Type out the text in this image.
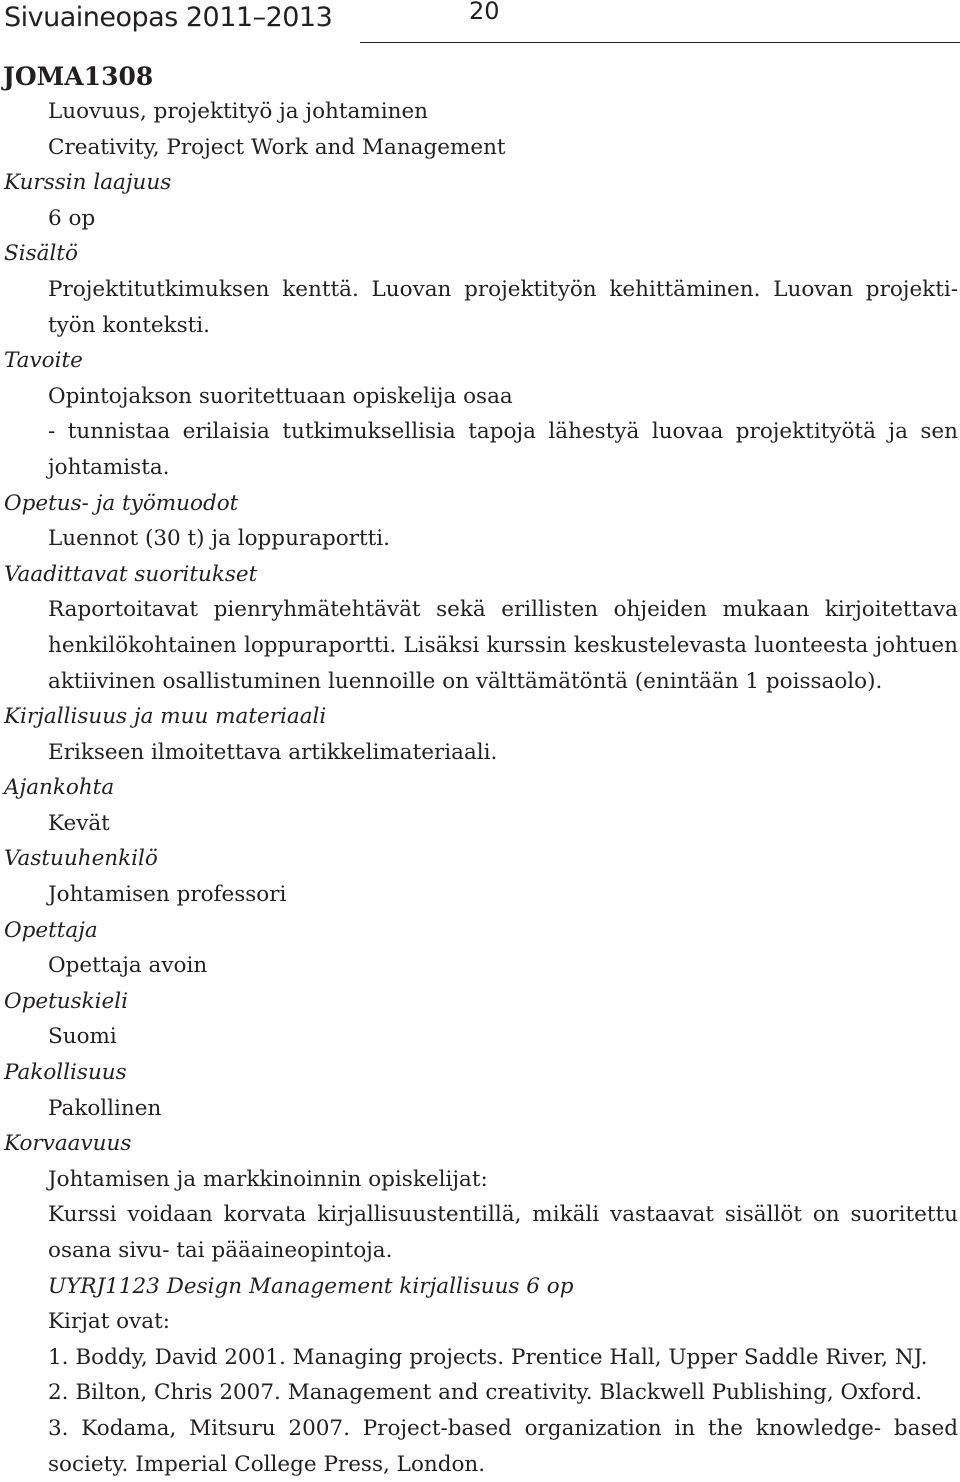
Sivuaineopas 2011–2013	20
JOMA1308
Luovuus, projektityö ja johtaminen
Creativity, Project Work and Management
Kurssin laajuus
6 op
Sisältö
Projektitutkimuksen kenttä. Luovan projektityön kehittäminen. Luovan projektityön konteksti.
Tavoite
Opintojakson suoritettuaan opiskelija osaa
- tunnistaa erilaisia tutkimuksellisia tapoja lähestyä luovaa projektityötä ja sen johtamista.
Opetus- ja työmuodot
Luennot (30 t) ja loppuraportti.
Vaadittavat suoritukset
Raportoitavat pienryhmätehtävät sekä erillisten ohjeiden mukaan kirjoitettava henkilökohtainen loppuraportti. Lisäksi kurssin keskustelevasta luonteesta johtuen aktiivinen osallistuminen luennoille on välttämätöntä (enintään 1 poissaolo).
Kirjallisuus ja muu materiaali
Erikseen ilmoitettava artikkelimateriaali.
Ajankohta
Kevät
Vastuuhenkilö
Johtamisen professori
Opettaja
Opettaja avoin
Opetuskieli
Suomi
Pakollisuus
Pakollinen
Korvaavuus
Johtamisen ja markkinoinnin opiskelijat:
Kurssi voidaan korvata kirjallisuustentillä, mikäli vastaavat sisällöt on suoritettu osana sivu- tai pääaineopintoja.
UYRJ1123 Design Management kirjallisuus 6 op
Kirjat ovat:
1. Boddy, David 2001. Managing projects. Prentice Hall, Upper Saddle River, NJ.
2. Bilton, Chris 2007. Management and creativity. Blackwell Publishing, Oxford.
3. Kodama, Mitsuru 2007. Project-based organization in the knowledge- based society. Imperial College Press, London.
